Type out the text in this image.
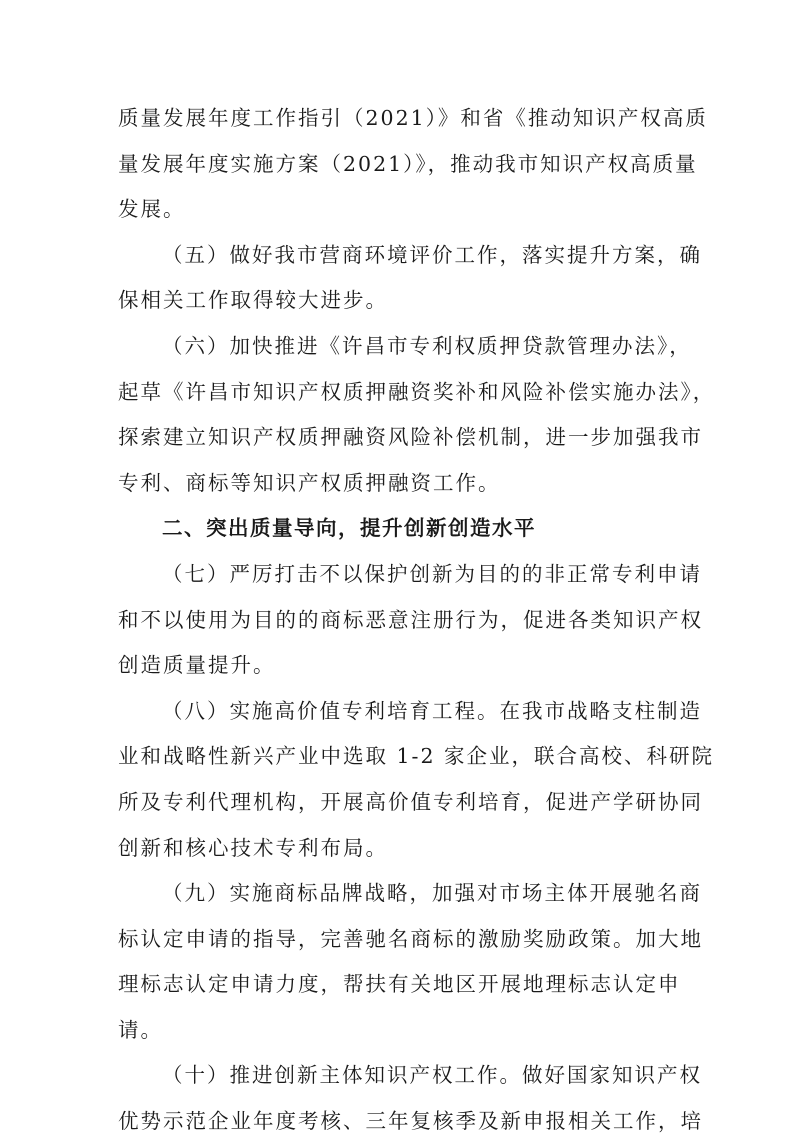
质量发展年度工作指引（2021）》和省《推动知识产权高质
量发展年度实施方案（2021）》，推动我市知识产权高质量
发展。
（五）做好我市营商环境评价工作，落实提升方案，确
保相关工作取得较大进步。
（六）加快推进《许昌市专利权质押贷款管理办法》，
起草《许昌市知识产权质押融资奖补和风险补偿实施办法》，
探索建立知识产权质押融资风险补偿机制，进一步加强我市
专利、商标等知识产权质押融资工作。
二、突出质量导向，提升创新创造水平
（七）严厉打击不以保护创新为目的的非正常专利申请
和不以使用为目的的商标恶意注册行为，促进各类知识产权
创造质量提升。
（八）实施高价值专利培育工程。在我市战略支柱制造
业和战略性新兴产业中选取 1-2 家企业，联合高校、科研院
所及专利代理机构，开展高价值专利培育，促进产学研协同
创新和核心技术专利布局。
（九）实施商标品牌战略，加强对市场主体开展驰名商
标认定申请的指导，完善驰名商标的激励奖励政策。加大地
理标志认定申请力度，帮扶有关地区开展地理标志认定申
请。
（十）推进创新主体知识产权工作。做好国家知识产权
优势示范企业年度考核、三年复核季及新申报相关工作，培
